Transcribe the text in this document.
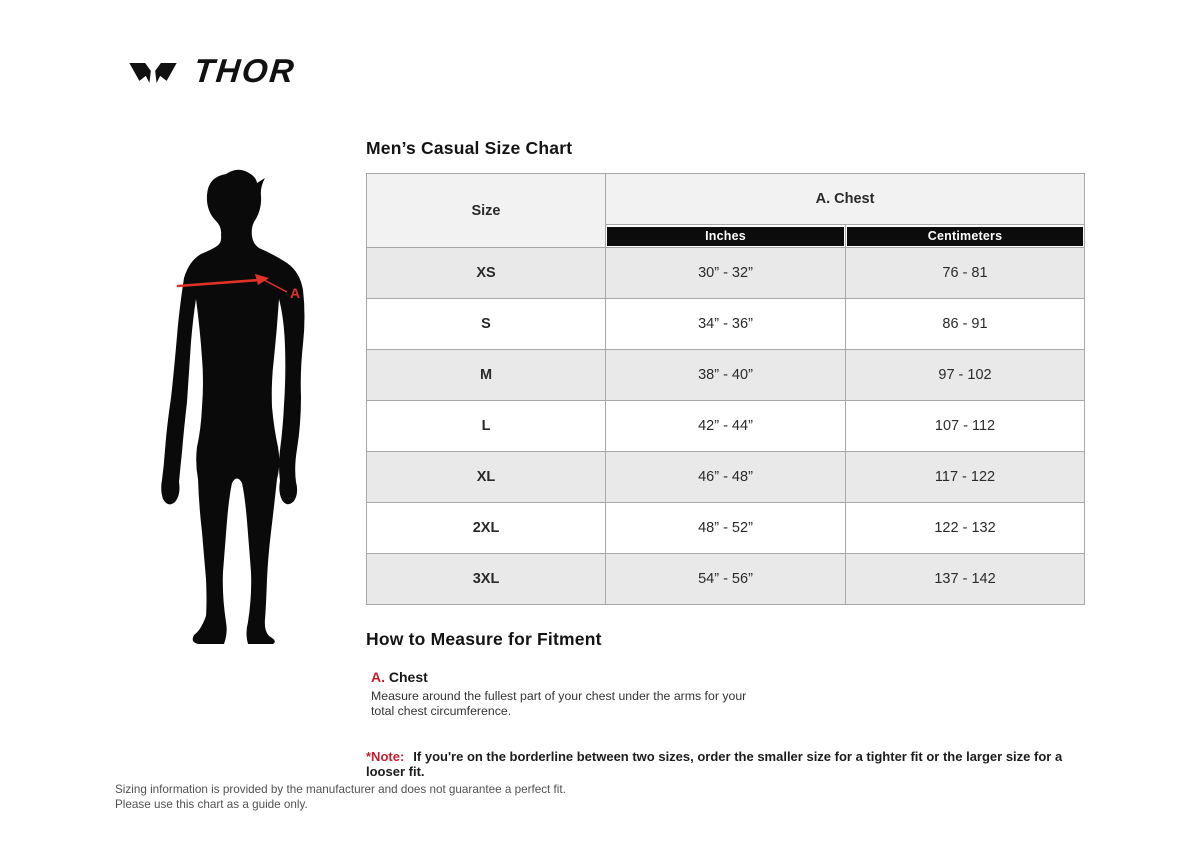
THOR
A
Men’s Casual Size Chart
Size	A. Chest	

	Inches	Centimeters

XS	30” - 32”	76 - 81
S	34” - 36”	86 - 91
M	38” - 40”	97 - 102
L	42” - 44”	107 - 112
XL	46” - 48”	117 - 122
2XL	48” - 52”	122 - 132
3XL	54” - 56”	137 - 142
How to Measure for Fitment
A. Chest
Measure around the fullest part of your chest under the arms for your
total chest circumference.
*Note: If you're on the borderline between two sizes, order the smaller size for a tighter fit or the larger size for a looser fit.
Sizing information is provided by the manufacturer and does not guarantee a perfect fit.
Please use this chart as a guide only.
